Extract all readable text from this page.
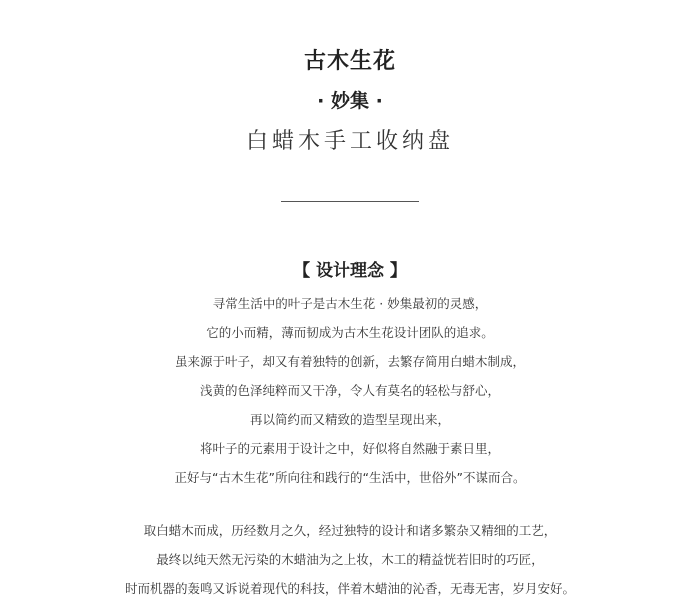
古木生花
· 妙集 ·
白蜡木手工收纳盘
【 设计理念 】
寻常生活中的叶子是古木生花 · 妙集最初的灵感，
它的小而精，薄而韧成为古木生花设计团队的追求。
虽来源于叶子，却又有着独特的创新，去繁存简用白蜡木制成，
浅黄的色泽纯粹而又干净，令人有莫名的轻松与舒心，
再以简约而又精致的造型呈现出来，
将叶子的元素用于设计之中，好似将自然融于素日里，
正好与“古木生花”所向往和践行的“生活中，世俗外”不谋而合。
取白蜡木而成，历经数月之久，经过独特的设计和诸多繁杂又精细的工艺，
最终以纯天然无污染的木蜡油为之上妆，木工的精益恍若旧时的巧匠，
时而机器的轰鸣又诉说着现代的科技，伴着木蜡油的沁香，无毒无害，岁月安好。
